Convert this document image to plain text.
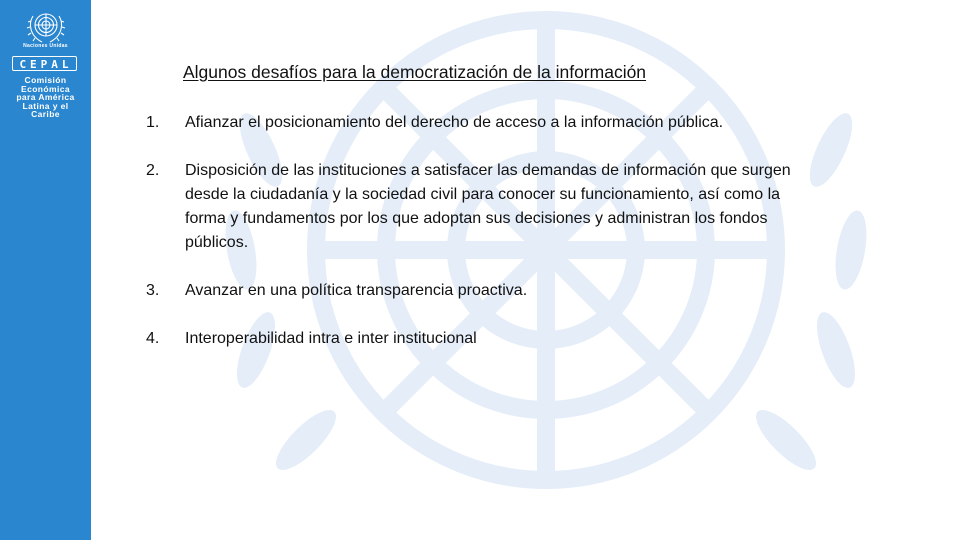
Naciones Unidas
CEPAL
Comisión
Económica
para América
Latina y el
Caribe
Algunos desafíos para la democratización de la información
1.	Afianzar el posicionamiento del derecho de acceso a la información pública.
2.	Disposición de las instituciones a satisfacer las demandas de información que surgen desde la ciudadanía y la sociedad civil para conocer su funcionamiento, así como la forma y fundamentos por los que adoptan sus decisiones y administran los fondos públicos.
3.	Avanzar en una política transparencia proactiva.
4.	Interoperabilidad intra e inter institucional
